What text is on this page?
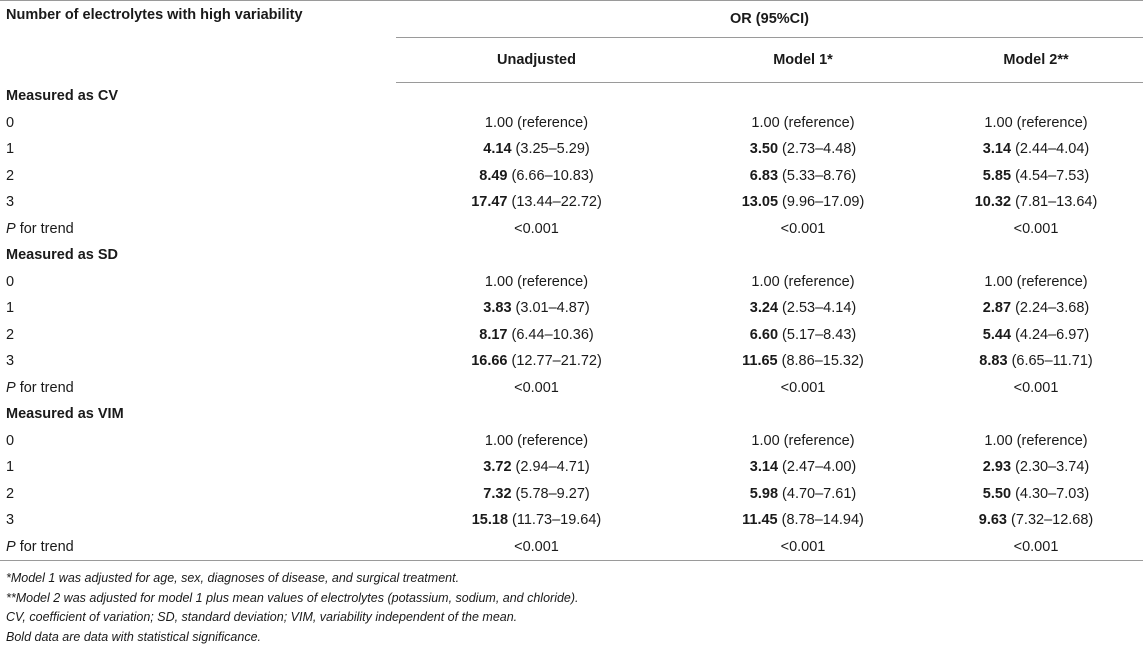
Number of electrolytes with high variability	OR (95%CI)		
	Unadjusted	Model 1*	Model 2**
Measured as CV			
0	1.00 (reference)	1.00 (reference)	1.00 (reference)
1	4.14 (3.25–5.29)	3.50 (2.73–4.48)	3.14 (2.44–4.04)
2	8.49 (6.66–10.83)	6.83 (5.33–8.76)	5.85 (4.54–7.53)
3	17.47 (13.44–22.72)	13.05 (9.96–17.09)	10.32 (7.81–13.64)
P for trend	<0.001	<0.001	<0.001
Measured as SD			
0	1.00 (reference)	1.00 (reference)	1.00 (reference)
1	3.83 (3.01–4.87)	3.24 (2.53–4.14)	2.87 (2.24–3.68)
2	8.17 (6.44–10.36)	6.60 (5.17–8.43)	5.44 (4.24–6.97)
3	16.66 (12.77–21.72)	11.65 (8.86–15.32)	8.83 (6.65–11.71)
P for trend	<0.001	<0.001	<0.001
Measured as VIM			
0	1.00 (reference)	1.00 (reference)	1.00 (reference)
1	3.72 (2.94–4.71)	3.14 (2.47–4.00)	2.93 (2.30–3.74)
2	7.32 (5.78–9.27)	5.98 (4.70–7.61)	5.50 (4.30–7.03)
3	15.18 (11.73–19.64)	11.45 (8.78–14.94)	9.63 (7.32–12.68)
P for trend	<0.001	<0.001	<0.001
*Model 1 was adjusted for age, sex, diagnoses of disease, and surgical treatment.
**Model 2 was adjusted for model 1 plus mean values of electrolytes (potassium, sodium, and chloride).
CV, coefficient of variation; SD, standard deviation; VIM, variability independent of the mean.
Bold data are data with statistical significance.
